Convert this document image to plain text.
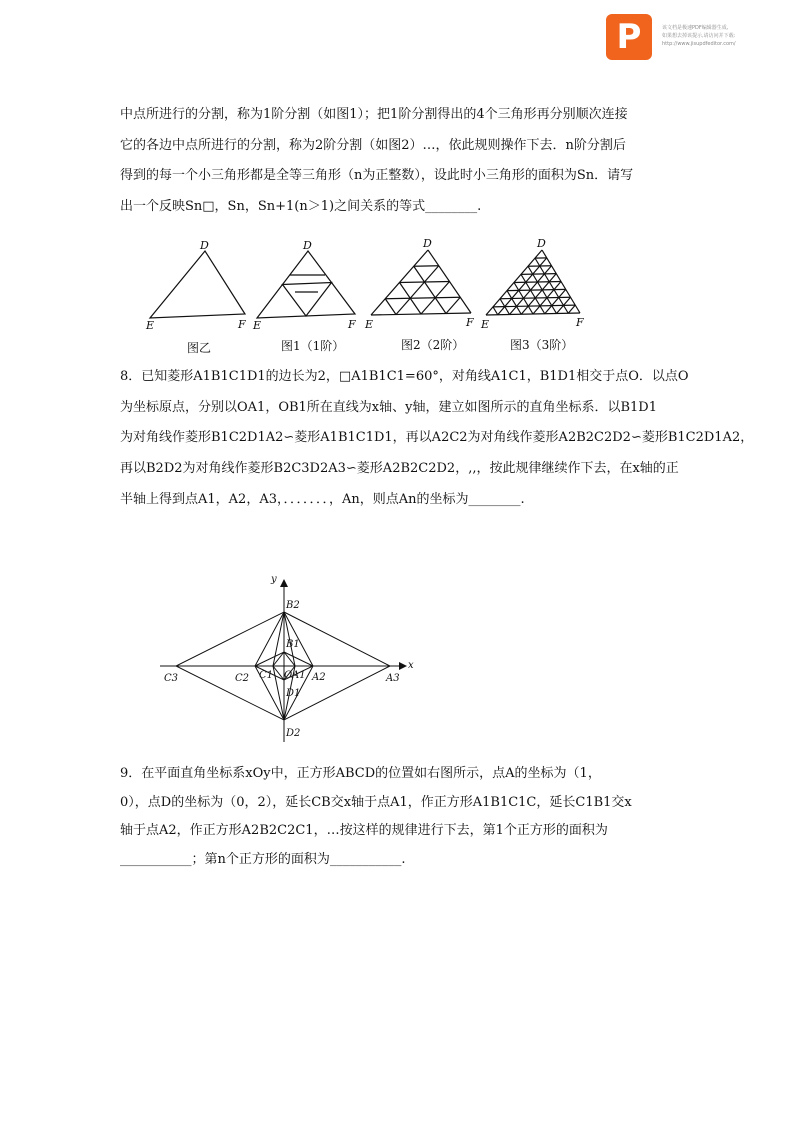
P	该文档是极速PDF编辑器生成,
如果想去掉该提示,请访问并下载:
http://www.jisupdfeditor.com/

中点所进行的分割，称为1阶分割（如图1）；把1阶分割得出的4个三角形再分别顺次连接

它的各边中点所进行的分割，称为2阶分割（如图2）…，依此规则操作下去．n阶分割后

得到的每一个小三角形都是全等三角形（n为正整数），设此时小三角形的面积为Sn．请写

出一个反映Sn□，Sn，Sn+1(n＞1)之间关系的等式________.

D
E	F
D
E	F
D
E	F
D
E	F
图乙	图1（1阶）	图2（2阶）	图3（3阶）

8．已知菱形A1B1C1D1的边长为2，□A1B1C1=60°，对角线A1C1，B1D1相交于点O．以点O

为坐标原点，分别以OA1，OB1所在直线为x轴、y轴，建立如图所示的直角坐标系．以B1D1

为对角线作菱形B1C2D1A2∽菱形A1B1C1D1，再以A2C2为对角线作菱形A2B2C2D2∽菱形B1C2D1A2，

再以B2D2为对角线作菱形B2C3D2A3∽菱形A2B2C2D2，,,，按此规律继续作下去，在x轴的正

半轴上得到点A1，A2，A3，．．．．．．．，An，则点An的坐标为________.

x
y
B2
B1
O A1 A2	A3
C1
C2
C3
D1
D2

9．在平面直角坐标系xOy中，正方形ABCD的位置如右图所示，点A的坐标为（1，

0），点D的坐标为（0，2），延长CB交x轴于点A1，作正方形A1B1C1C，延长C1B1交x

轴于点A2，作正方形A2B2C2C1，…按这样的规律进行下去，第1个正方形的面积为

___________；第n个正方形的面积为___________.
